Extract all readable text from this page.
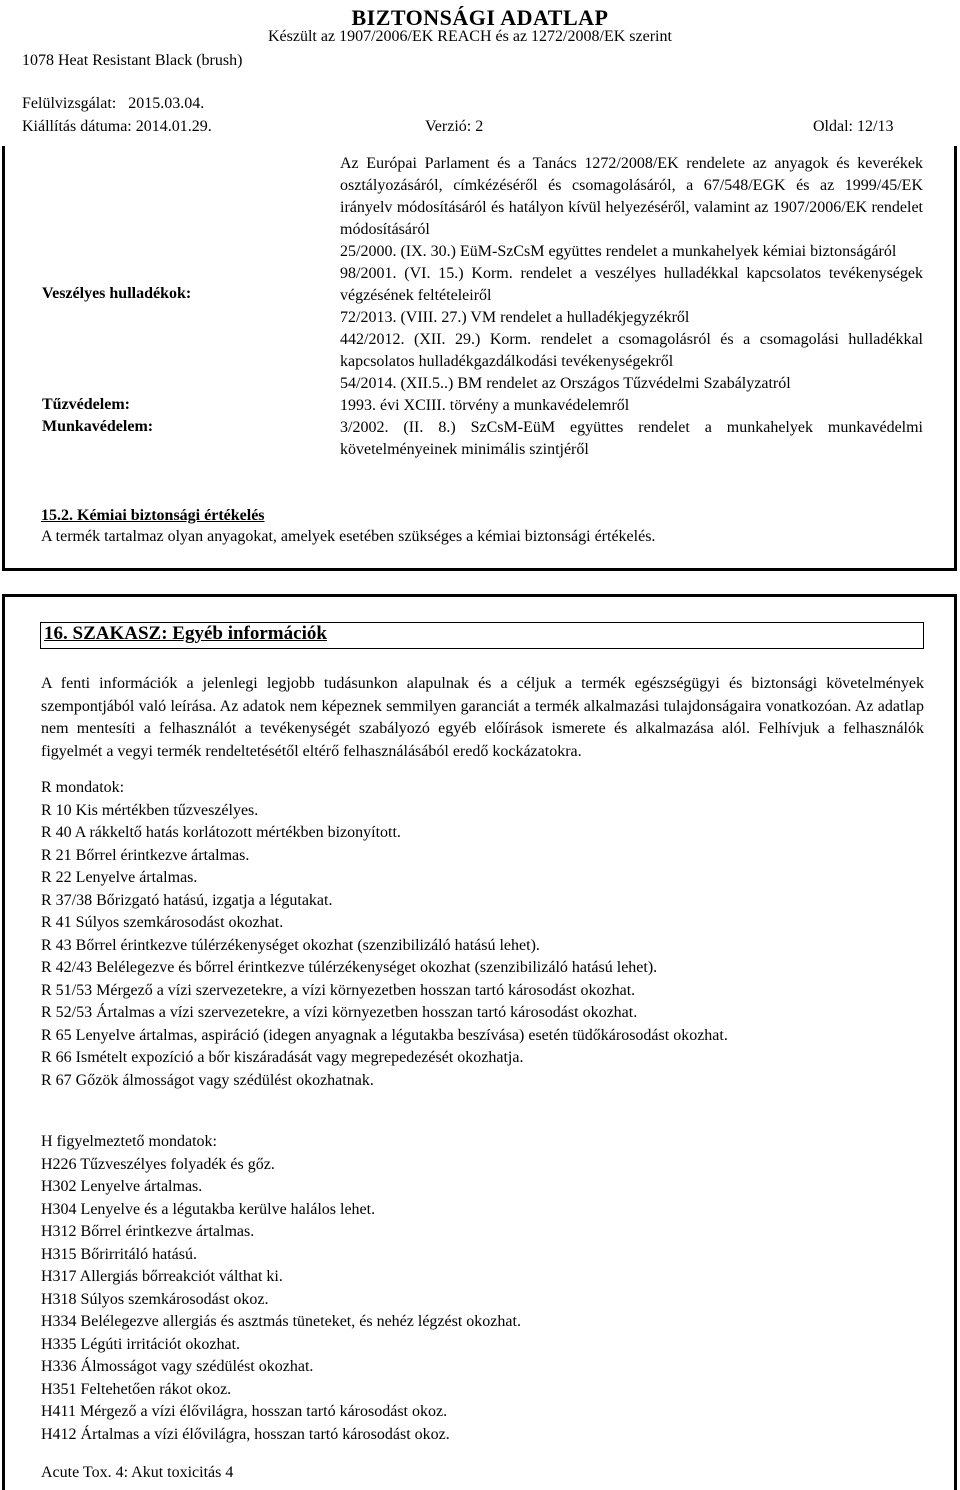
BIZTONSÁGI ADATLAP
Készült az 1907/2006/EK REACH és az 1272/2008/EK szerint
1078 Heat Resistant Black (brush)
Felülvizsgálat:   2015.03.04.
Kiállítás dátuma: 2014.01.29.	Verzió: 2	Oldal: 12/13
Veszélyes hulladékok:
Tűzvédelem:
Munkavédelem:

Az Európai Parlament és a Tanács 1272/2008/EK rendelete az anyagok és keverékek osztályozásáról, címkézéséről és csomagolásáról, a 67/548/EGK és az 1999/45/EK irányelv módosításáról és hatályon kívül helyezéséről, valamint az 1907/2006/EK rendelet módosításáról

25/2000. (IX. 30.) EüM-SzCsM együttes rendelet a munkahelyek kémiai biztonságáról

98/2001. (VI. 15.) Korm. rendelet a veszélyes hulladékkal kapcsolatos tevékenységek végzésének feltételeiről

72/2013. (VIII. 27.) VM rendelet a hulladékjegyzékről

442/2012. (XII. 29.) Korm. rendelet a csomagolásról és a csomagolási hulladékkal kapcsolatos hulladékgazdálkodási tevékenységekről

54/2014. (XII.5..) BM rendelet az Országos Tűzvédelmi Szabályzatról

1993. évi XCIII. törvény a munkavédelemről

3/2002. (II. 8.) SzCsM-EüM együttes rendelet a munkahelyek munkavédelmi követelményeinek minimális szintjéről

15.2. Kémiai biztonsági értékelés
A termék tartalmaz olyan anyagokat, amelyek esetében szükséges a kémiai biztonsági értékelés.
16. SZAKASZ: Egyéb információk

A fenti információk a jelenlegi legjobb tudásunkon alapulnak és a céljuk a termék egészségügyi és biztonsági követelmények szempontjából való leírása. Az adatok nem képeznek semmilyen garanciát a termék alkalmazási tulajdonságaira vonatkozóan. Az adatlap nem mentesíti a felhasználót a tevékenységét szabályozó egyéb előírások ismerete és alkalmazása alól. Felhívjuk a felhasználók figyelmét a vegyi termék rendeltetésétől eltérő felhasználásából eredő kockázatokra.

R mondatok:
R 10 Kis mértékben tűzveszélyes.
R 40 A rákkeltő hatás korlátozott mértékben bizonyított.
R 21 Bőrrel érintkezve ártalmas.
R 22 Lenyelve ártalmas.
R 37/38 Bőrizgató hatású, izgatja a légutakat.
R 41 Súlyos szemkárosodást okozhat.
R 43 Bőrrel érintkezve túlérzékenységet okozhat (szenzibilizáló hatású lehet).
R 42/43 Belélegezve és bőrrel érintkezve túlérzékenységet okozhat (szenzibilizáló hatású lehet).
R 51/53 Mérgező a vízi szervezetekre, a vízi környezetben hosszan tartó károsodást okozhat.
R 52/53 Ártalmas a vízi szervezetekre, a vízi környezetben hosszan tartó károsodást okozhat.
R 65 Lenyelve ártalmas, aspiráció (idegen anyagnak a légutakba beszívása) esetén tüdőkárosodást okozhat.
R 66 Ismételt expozíció a bőr kiszáradását vagy megrepedezését okozhatja.
R 67 Gőzök álmosságot vagy szédülést okozhatnak.
H figyelmeztető mondatok:
H226 Tűzveszélyes folyadék és gőz.
H302 Lenyelve ártalmas.
H304 Lenyelve és a légutakba kerülve halálos lehet.
H312 Bőrrel érintkezve ártalmas.
H315 Bőrirritáló hatású.
H317 Allergiás bőrreakciót válthat ki.
H318 Súlyos szemkárosodást okoz.
H334 Belélegezve allergiás és asztmás tüneteket, és nehéz légzést okozhat.
H335 Légúti irritációt okozhat.
H336 Álmosságot vagy szédülést okozhat.
H351 Feltehetően rákot okoz.
H411 Mérgező a vízi élővilágra, hosszan tartó károsodást okoz.
H412 Ártalmas a vízi élővilágra, hosszan tartó károsodást okoz.
Acute Tox. 4: Akut toxicitás 4
